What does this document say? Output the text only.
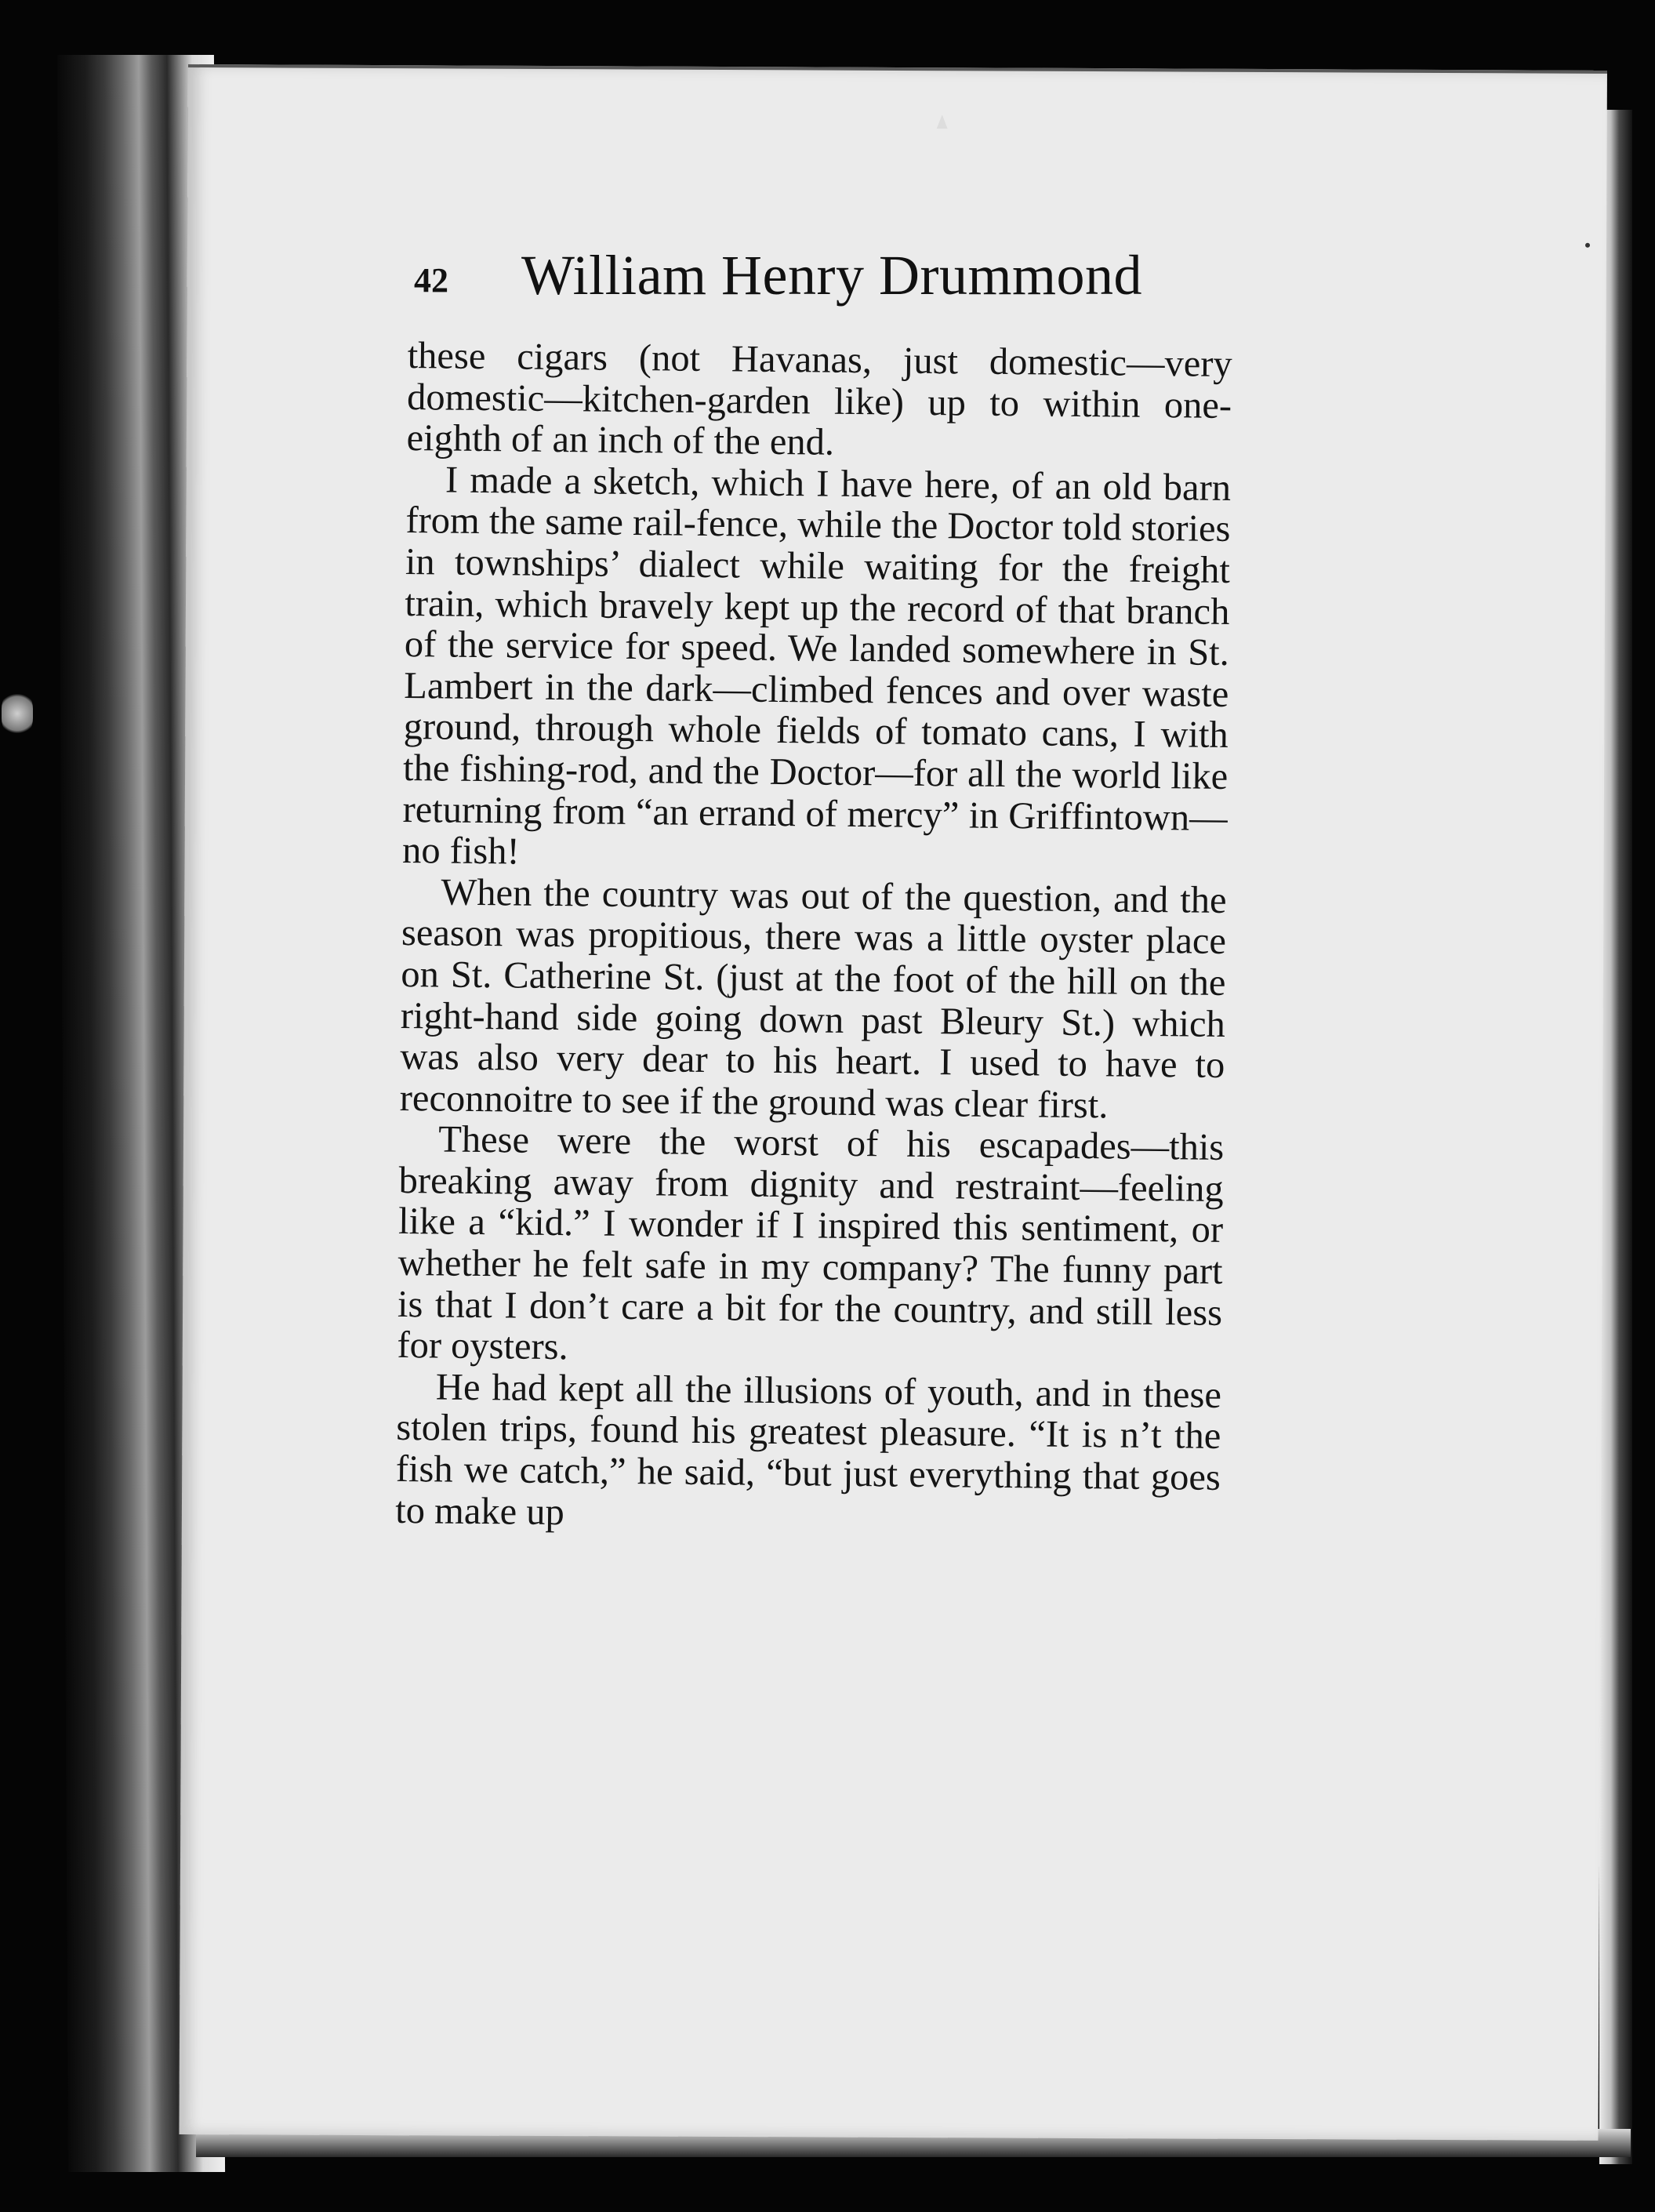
42 William Henry Drummond

these cigars (not Havanas, just domestic—very domestic—kitchen-garden like) up to within one-eighth of an inch of the end.

I made a sketch, which I have here, of an old barn from the same rail-fence, while the Doctor told stories in townships’ dialect while waiting for the freight train, which bravely kept up the record of that branch of the service for speed. We landed somewhere in St. Lambert in the dark—climbed fences and over waste ground, through whole fields of tomato cans, I with the fishing-rod, and the Doctor—for all the world like returning from “an errand of mercy” in Griffintown—no fish!

When the country was out of the question, and the season was propitious, there was a little oyster place on St. Catherine St. (just at the foot of the hill on the right-hand side going down past Bleury St.) which was also very dear to his heart. I used to have to reconnoitre to see if the ground was clear first.

These were the worst of his escapades—this breaking away from dignity and restraint—feeling like a “kid.” I wonder if I inspired this sentiment, or whether he felt safe in my company? The funny part is that I don’t care a bit for the country, and still less for oysters.

He had kept all the illusions of youth, and in these stolen trips, found his greatest pleasure. “It is n’t the fish we catch,” he said, “but just everything that goes to make up
